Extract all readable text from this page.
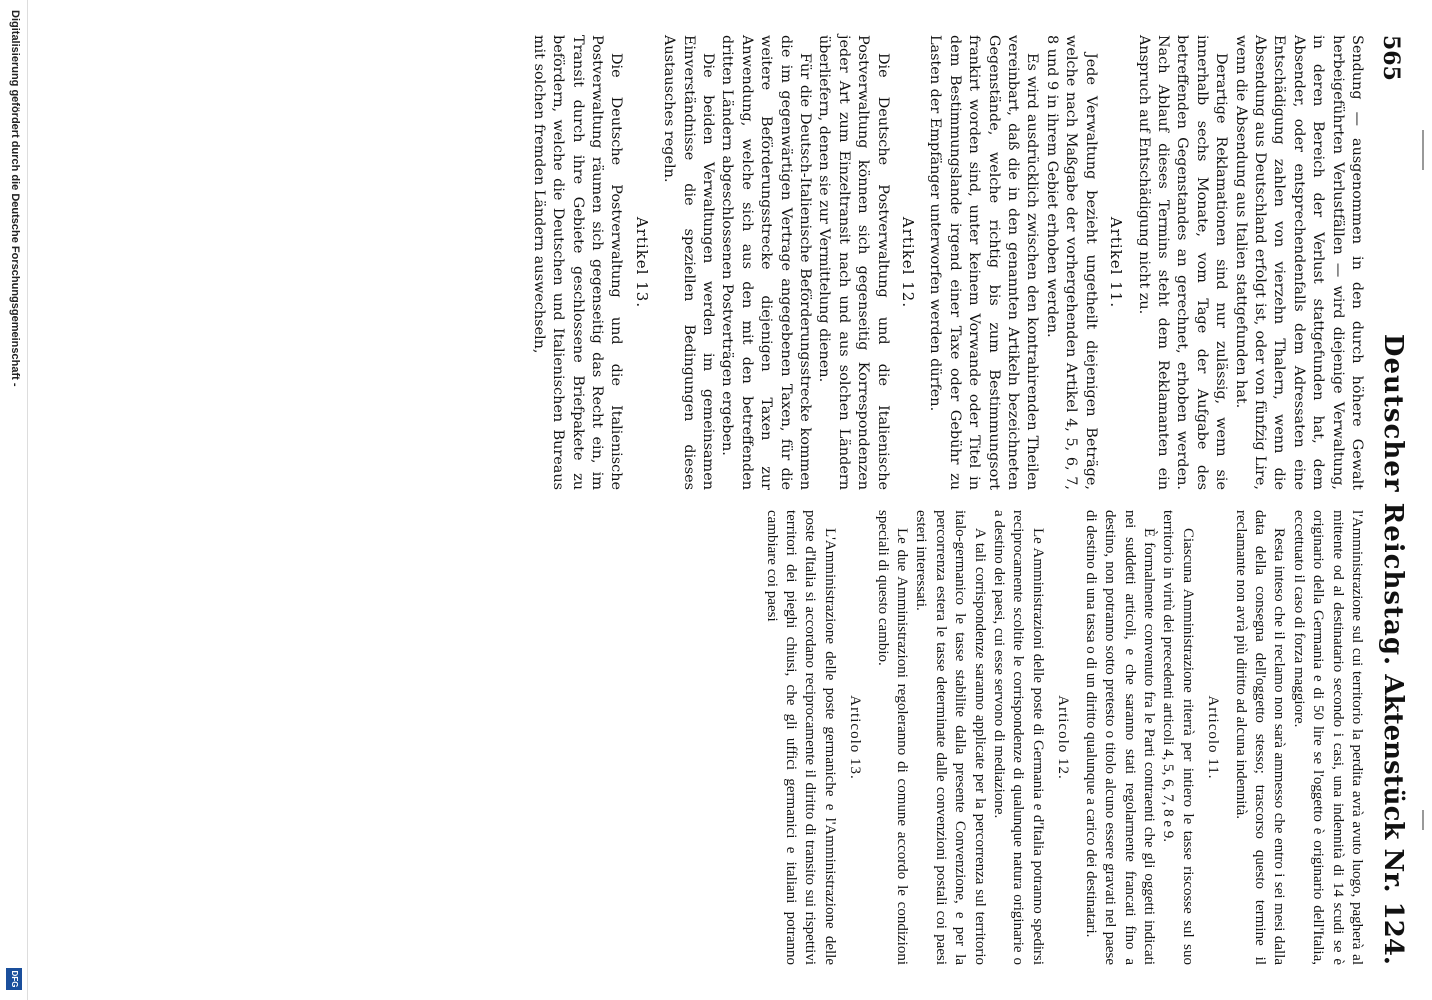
565
Deutscher Reichstag.
Aktenstück Nr. 124.

Sendung — ausgenommen in den durch höhere Gewalt herbeigeführten Verlustfällen — wird diejenige Verwaltung, in deren Bereich der Verlust stattgefunden hat, dem Absender, oder entsprechendenfalls dem Adressaten eine Entschädigung zahlen von vierzehn Thalern, wenn die Absendung aus Deutschland erfolgt ist, oder von fünfzig Lire, wenn die Absendung aus Italien stattgefunden hat.

Derartige Reklamationen sind nur zulässig, wenn sie innerhalb sechs Monate, vom Tage der Aufgabe des betreffenden Gegenstandes an gerechnet, erhoben werden. Nach Ablauf dieses Termins steht dem Reklamanten ein Anspruch auf Entschädigung nicht zu.

Artikel 11.

Jede Verwaltung bezieht ungetheilt diejenigen Beträge, welche nach Maßgabe der vorhergehenden Artikel 4, 5, 6, 7, 8 und 9 in ihrem Gebiet erhoben werden.

Es wird ausdrücklich zwischen den kontrahirenden Theilen vereinbart, daß die in den genannten Artikeln bezeichneten Gegenstände, welche richtig bis zum Bestimmungsort frankirt worden sind, unter keinem Vorwande oder Titel in dem Bestimmungslande irgend einer Taxe oder Gebühr zu Lasten der Empfänger unterworfen werden dürfen.

Artikel 12.

Die Deutsche Postverwaltung und die Italienische Postverwaltung können sich gegenseitig Korrespondenzen jeder Art zum Einzeltransit nach und aus solchen Ländern überliefern, denen sie zur Vermittelung dienen.

Für die Deutsch-Italienische Beförderungsstrecke kommen die im gegenwärtigen Vertrage angegebenen Taxen, für die weitere Beförderungsstrecke diejenigen Taxen zur Anwendung, welche sich aus den mit den betreffenden dritten Ländern abgeschlossenen Postverträgen ergeben.

Die beiden Verwaltungen werden im gemeinsamen Einverständnisse die speziellen Bedingungen dieses Austausches regeln.

Artikel 13.

Die Deutsche Postverwaltung und die Italienische Postverwaltung räumen sich gegenseitig das Recht ein, im Transit durch ihre Gebiete geschlossene Briefpakete zu befördern, welche die Deutschen und Italienischen Bureaus mit solchen fremden Ländern auswechseln,

l'Amministrazione sul cui territorio la perdita avrà avuto luogo, pagherà al mittente od al destinatario secondo i casi, una indennità di 14 scudi se è originario della Germania e di 50 lire se l'oggetto è originario dell'Italia, eccettuato il caso di forza maggiore.

Resta inteso che il reclamo non sarà ammesso che entro i sei mesi dalla data della consegna dell'oggetto stesso; trascorso questo termine il reclamante non avrà più diritto ad alcuna indennità.

Articolo 11.

Ciascuna Amministrazione riterrà per intiero le tasse riscosse sul suo territorio in virtù dei precedenti articoli 4, 5, 6, 7, 8 e 9.

È formalmente convenuto fra le Parti contraenti che gli oggetti indicati nei suddetti articoli, e che saranno stati regolarmente francati fino a destino, non potranno sotto pretesto o titolo alcuno essere gravati nel paese di destino di una tassa o di un diritto qualunque a carico dei destinatari.

Articolo 12.

Le Amministrazioni delle poste di Germania e d'Italia potranno spedirsi reciprocamente scoltite le corrispondenze di qualunque natura originarie o a destino dei paesi, cui esse servono di mediazione.

A tali corrispondenze saranno applicate per la percorrenza sul territorio italo-germanico le tasse stabilite dalla presente Convenzione, e per la percorrenza estera le tasse determinate dalle convenzioni postali coi paesi esteri interessati.

Le due Amministrazioni regoleranno di comune accordo le condizioni speciali di questo cambio.

Articolo 13.

L'Amministrazione delle poste germaniche e l'Amministrazione delle poste d'Italia si accordano reciprocamente il diritto di transito sui rispettivi territori dei pieghi chiusi, che gli uffici germanici e italiani potranno cambiare coi paesi

Digitalisierung gefördert durch die Deutsche Forschungsgemeinschaft -
DFG
